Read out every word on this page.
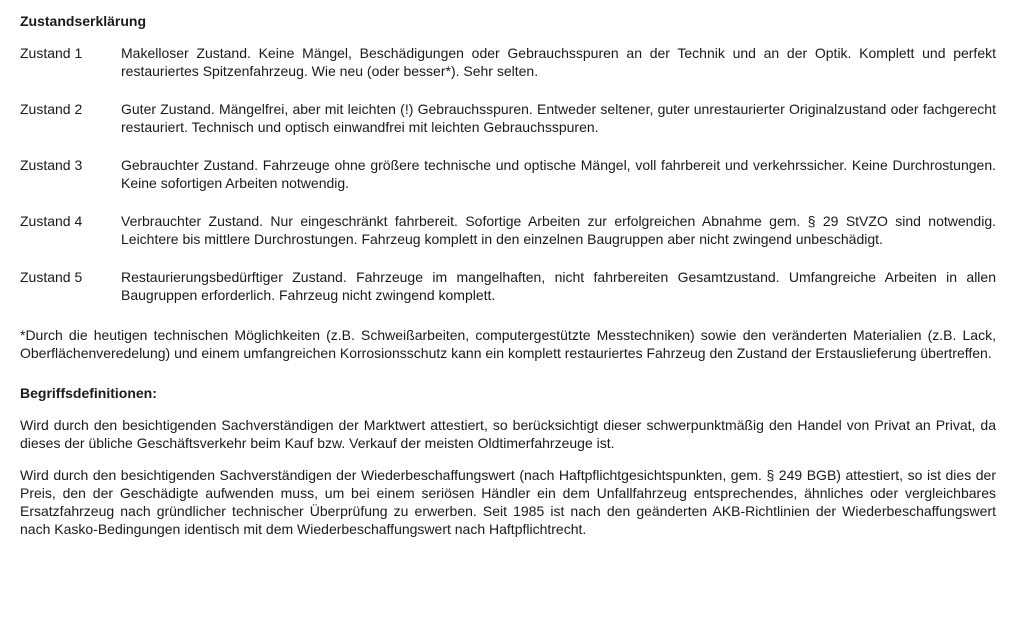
Zustandserklärung
Zustand 1	Makelloser Zustand. Keine Mängel, Beschädigungen oder Gebrauchsspuren an der Technik und an der Optik. Komplett und perfekt restauriertes Spitzenfahrzeug. Wie neu (oder besser*). Sehr selten.
Zustand 2	Guter Zustand. Mängelfrei, aber mit leichten (!) Gebrauchsspuren. Entweder seltener, guter unrestaurierter Originalzustand oder fachgerecht restauriert. Technisch und optisch einwandfrei mit leichten Gebrauchsspuren.
Zustand 3	Gebrauchter Zustand. Fahrzeuge ohne größere technische und optische Mängel, voll fahrbereit und verkehrssicher. Keine Durchrostungen. Keine sofortigen Arbeiten notwendig.
Zustand 4	Verbrauchter Zustand. Nur eingeschränkt fahrbereit. Sofortige Arbeiten zur erfolgreichen Abnahme gem. § 29 StVZO sind notwendig. Leichtere bis mittlere Durchrostungen. Fahrzeug komplett in den einzelnen Baugruppen aber nicht zwingend unbeschädigt.
Zustand 5	Restaurierungsbedürftiger Zustand. Fahrzeuge im mangelhaften, nicht fahrbereiten Gesamtzustand. Umfangreiche Arbeiten in allen Baugruppen erforderlich. Fahrzeug nicht zwingend komplett.

*Durch die heutigen technischen Möglichkeiten (z.B. Schweißarbeiten, computergestützte Messtechniken) sowie den veränderten Materialien (z.B. Lack, Oberflächenveredelung) und einem umfangreichen Korrosionsschutz kann ein komplett restauriertes Fahrzeug den Zustand der Erstauslieferung übertreffen.

Begriffsdefinitionen:

Wird durch den besichtigenden Sachverständigen der Marktwert attestiert, so berücksichtigt dieser schwerpunktmäßig den Handel von Privat an Privat, da dieses der übliche Geschäftsverkehr beim Kauf bzw. Verkauf der meisten Oldtimerfahrzeuge ist.

Wird durch den besichtigenden Sachverständigen der Wiederbeschaffungswert (nach Haftpflichtgesichtspunkten, gem. § 249 BGB) attestiert, so ist dies der Preis, den der Geschädigte aufwenden muss, um bei einem seriösen Händler ein dem Unfallfahrzeug entsprechendes, ähnliches oder vergleichbares Ersatzfahrzeug nach gründlicher technischer Überprüfung zu erwerben. Seit 1985 ist nach den geänderten AKB-Richtlinien der Wiederbeschaffungswert nach Kasko-Bedingungen identisch mit dem Wiederbeschaffungswert nach Haftpflichtrecht.
